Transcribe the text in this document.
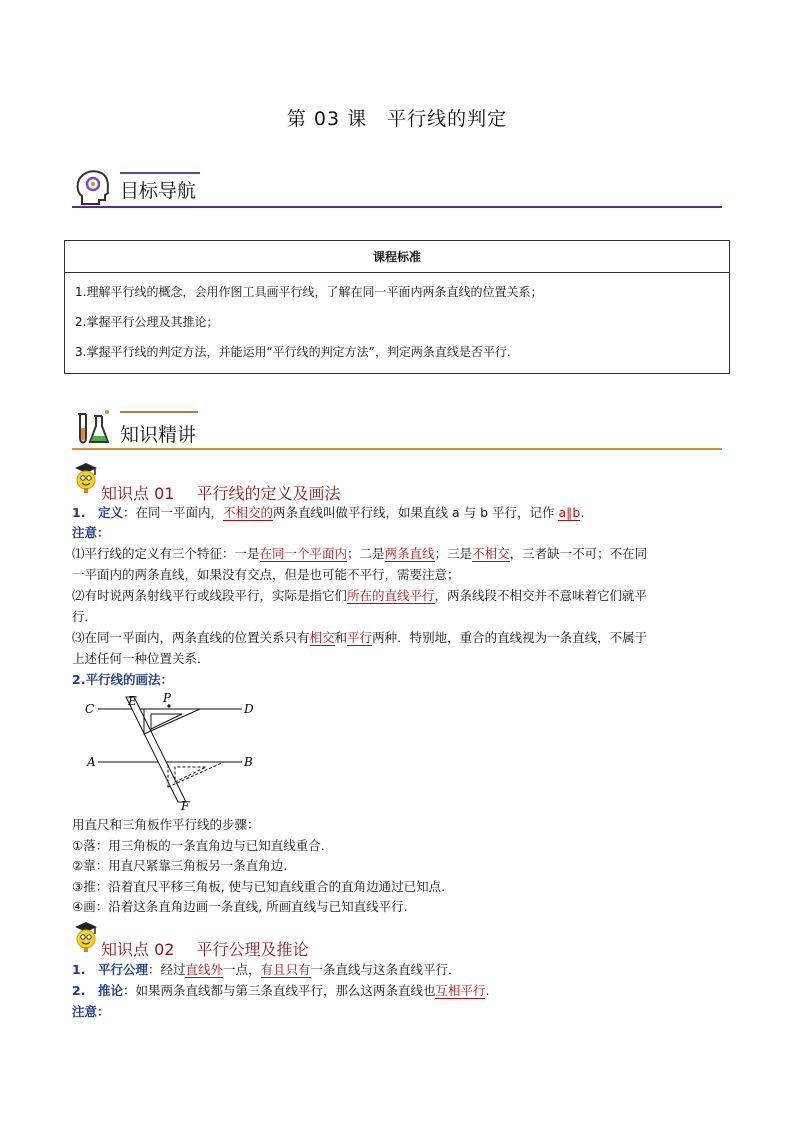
第 03 课　平行线的判定
目标导航
课程标准

1.理解平行线的概念，会用作图工具画平行线，了解在同一平面内两条直线的位置关系；
2.掌握平行公理及其推论；
3.掌握平行线的判定方法，并能运用“平行线的判定方法”，判定两条直线是否平行.
知识精讲
知识点 01 平行线的定义及画法
1.　定义：在同一平面内，不相交的两条直线叫做平行线，如果直线 a 与 b 平行，记作 a∥b.
注意：
⑴平行线的定义有三个特征：一是在同一个平面内；二是两条直线；三是不相交，三者缺一不可；不在同
一平面内的两条直线，如果没有交点，但是也可能不平行，需要注意；
⑵有时说两条射线平行或线段平行，实际是指它们所在的直线平行，两条线段不相交并不意味着它们就平
行．
⑶在同一平面内，两条直线的位置关系只有相交和平行两种．特别地，重合的直线视为一条直线，不属于
上述任何一种位置关系．
2.平行线的画法：
C
E P
D
A	B
F
用直尺和三角板作平行线的步骤：
①落：用三角板的一条直角边与已知直线重合.
②靠：用直尺紧靠三角板另一条直角边.
③推：沿着直尺平移三角板, 使与已知直线重合的直角边通过已知点.
④画：沿着这条直角边画一条直线, 所画直线与已知直线平行.
知识点 02 平行公理及推论
1.　平行公理：经过直线外一点，有且只有一条直线与这条直线平行．
2.　推论：如果两条直线都与第三条直线平行，那么这两条直线也互相平行.
注意：
